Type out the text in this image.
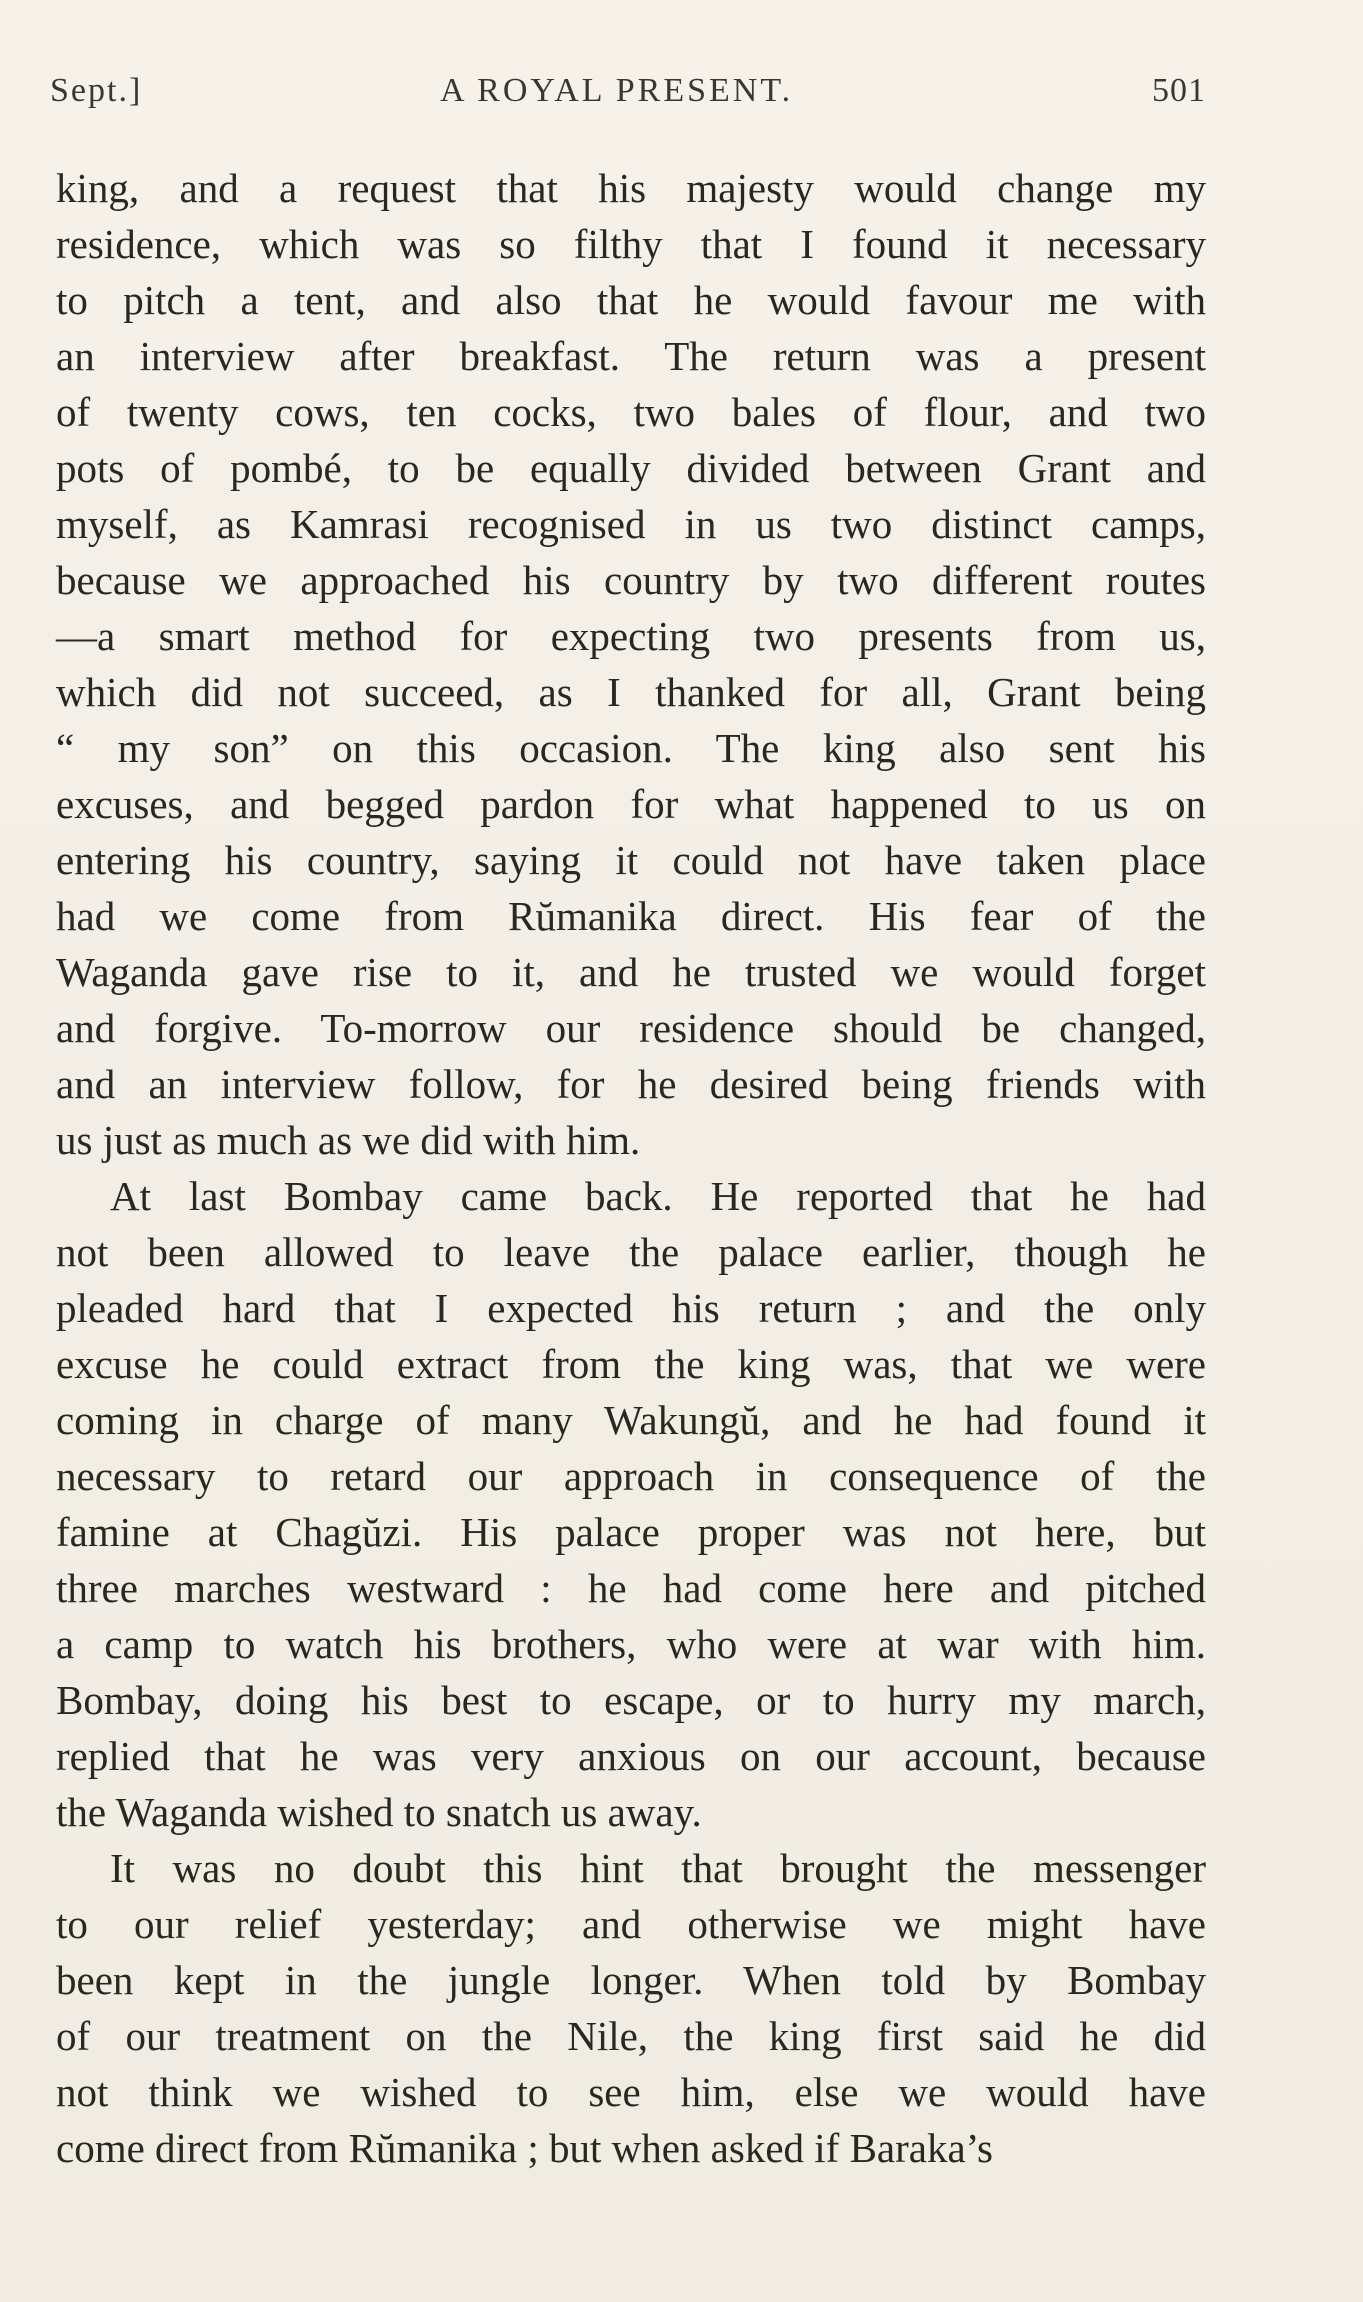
Sept.]	A ROYAL PRESENT.	501
king, and a request that his majesty would change my
residence, which was so filthy that I found it necessary
to pitch a tent, and also that he would favour me with
an interview after breakfast. The return was a present
of twenty cows, ten cocks, two bales of flour, and two
pots of pombé, to be equally divided between Grant and
myself, as Kamrasi recognised in us two distinct camps,
because we approached his country by two different routes
—a smart method for expecting two presents from us,
which did not succeed, as I thanked for all, Grant being
“ my son” on this occasion. The king also sent his
excuses, and begged pardon for what happened to us on
entering his country, saying it could not have taken place
had we come from Rŭmanika direct. His fear of the
Waganda gave rise to it, and he trusted we would forget
and forgive. To-morrow our residence should be changed,
and an interview follow, for he desired being friends with
us just as much as we did with him.
At last Bombay came back. He reported that he had
not been allowed to leave the palace earlier, though he
pleaded hard that I expected his return ; and the only
excuse he could extract from the king was, that we were
coming in charge of many Wakungŭ, and he had found it
necessary to retard our approach in consequence of the
famine at Chagŭzi. His palace proper was not here, but
three marches westward : he had come here and pitched
a camp to watch his brothers, who were at war with him.
Bombay, doing his best to escape, or to hurry my march,
replied that he was very anxious on our account, because
the Waganda wished to snatch us away.
It was no doubt this hint that brought the messenger
to our relief yesterday; and otherwise we might have
been kept in the jungle longer. When told by Bombay
of our treatment on the Nile, the king first said he did
not think we wished to see him, else we would have
come direct from Rŭmanika ; but when asked if Baraka’s
